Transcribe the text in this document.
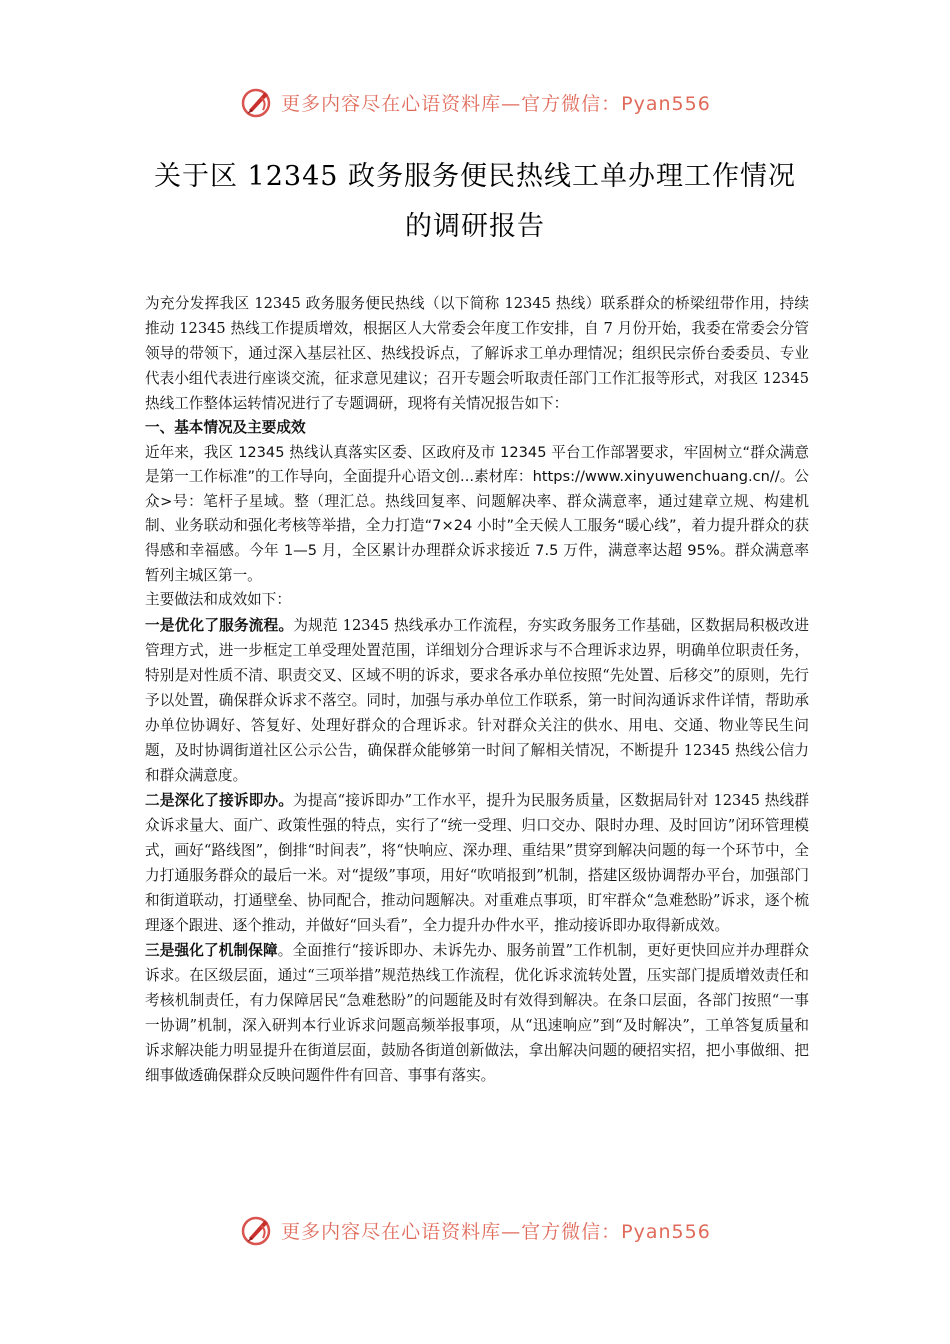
更多内容尽在心语资料库—官方微信：Pyan556
关于区 12345 政务服务便民热线工单办理工作情况
的调研报告

为充分发挥我区 12345 政务服务便民热线（以下简称 12345 热线）联系群众的桥梁纽带作用，持续推动 12345 热线工作提质增效，根据区人大常委会年度工作安排，自 7 月份开始，我委在常委会分管领导的带领下，通过深入基层社区、热线投诉点，了解诉求工单办理情况；组织民宗侨台委委员、专业代表小组代表进行座谈交流，征求意见建议；召开专题会听取责任部门工作汇报等形式，对我区 12345 热线工作整体运转情况进行了专题调研，现将有关情况报告如下：

一、基本情况及主要成效

近年来，我区 12345 热线认真落实区委、区政府及市 12345 平台工作部署要求，牢固树立“群众满意是第一工作标准”的工作导向，全面提升心语文创...素材库：https://www.xinyuwenchuang.cn//。公众>号：笔杆子星域。整（理汇总。热线回复率、问题解决率、群众满意率，通过建章立规、构建机制、业务联动和强化考核等举措，全力打造“7×24 小时”全天候人工服务“暖心线”，着力提升群众的获得感和幸福感。今年 1—5 月，全区累计办理群众诉求接近 7.5 万件，满意率达超 95%。群众满意率暂列主城区第一。

主要做法和成效如下：

一是优化了服务流程。为规范 12345 热线承办工作流程，夯实政务服务工作基础，区数据局积极改进管理方式，进一步框定工单受理处置范围，详细划分合理诉求与不合理诉求边界，明确单位职责任务，特别是对性质不清、职责交叉、区域不明的诉求，要求各承办单位按照“先处置、后移交”的原则，先行予以处置，确保群众诉求不落空。同时，加强与承办单位工作联系，第一时间沟通诉求件详情，帮助承办单位协调好、答复好、处理好群众的合理诉求。针对群众关注的供水、用电、交通、物业等民生问题，及时协调街道社区公示公告，确保群众能够第一时间了解相关情况，不断提升 12345 热线公信力和群众满意度。

二是深化了接诉即办。为提高“接诉即办”工作水平，提升为民服务质量，区数据局针对 12345 热线群众诉求量大、面广、政策性强的特点，实行了“统一受理、归口交办、限时办理、及时回访”闭环管理模式，画好“路线图”，倒排“时间表”，将“快响应、深办理、重结果”贯穿到解决问题的每一个环节中，全力打通服务群众的最后一米。对“提级”事项，用好“吹哨报到”机制，搭建区级协调帮办平台，加强部门和街道联动，打通壁垒、协同配合，推动问题解决。对重难点事项，盯牢群众“急难愁盼”诉求，逐个梳理逐个跟进、逐个推动，并做好“回头看”，全力提升办件水平，推动接诉即办取得新成效。

三是强化了机制保障。全面推行“接诉即办、未诉先办、服务前置”工作机制，更好更快回应并办理群众诉求。在区级层面，通过“三项举措”规范热线工作流程，优化诉求流转处置，压实部门提质增效责任和考核机制责任，有力保障居民“急难愁盼”的问题能及时有效得到解决。在条口层面，各部门按照“一事一协调”机制，深入研判本行业诉求问题高频举报事项，从“迅速响应”到“及时解决”，工单答复质量和诉求解决能力明显提升在街道层面，鼓励各街道创新做法，拿出解决问题的硬招实招，把小事做细、把细事做透确保群众反映问题件件有回音、事事有落实。

更多内容尽在心语资料库—官方微信：Pyan556
